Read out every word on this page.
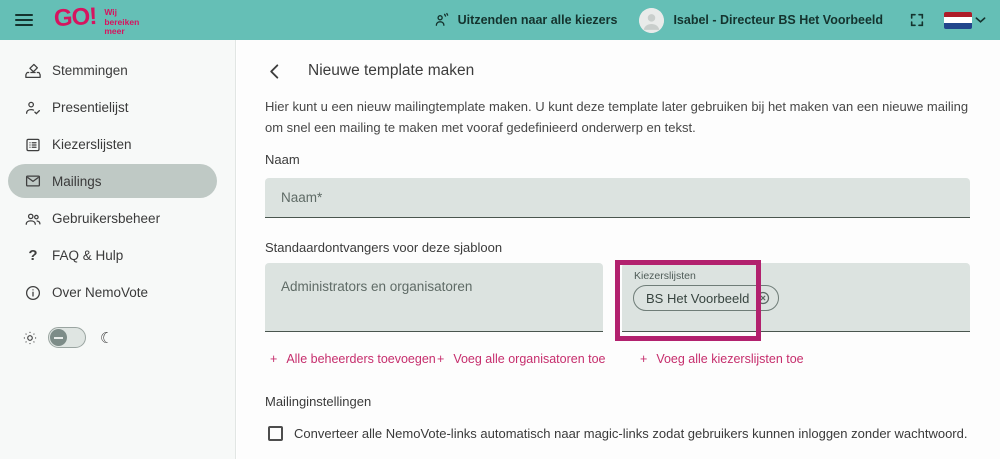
GO! Wij bereiken meer
Uitzenden naar alle kiezers	Isabel - Directeur BS Het Voorbeeld
Stemmingen
Presentielijst
Kiezerslijsten
Mailings
Gebruikersbeheer
? FAQ & Hulp
Over NemoVote
☾
Nieuwe template maken
Hier kunt u een nieuw mailingtemplate maken. U kunt deze template later gebruiken bij het maken van een nieuwe mailing om snel een mailing te maken met vooraf gedefinieerd onderwerp en tekst.
Naam
Naam*
Standaardontvangers voor deze sjabloon
Administrators en organisatoren
Kiezerslijsten
BS Het Voorbeeld
+ Alle beheerders toevoegen + Voeg alle organisatoren toe	+ Voeg alle kiezerslijsten toe
Mailinginstellingen
Converteer alle NemoVote-links automatisch naar magic-links zodat gebruikers kunnen inloggen zonder wachtwoord.
